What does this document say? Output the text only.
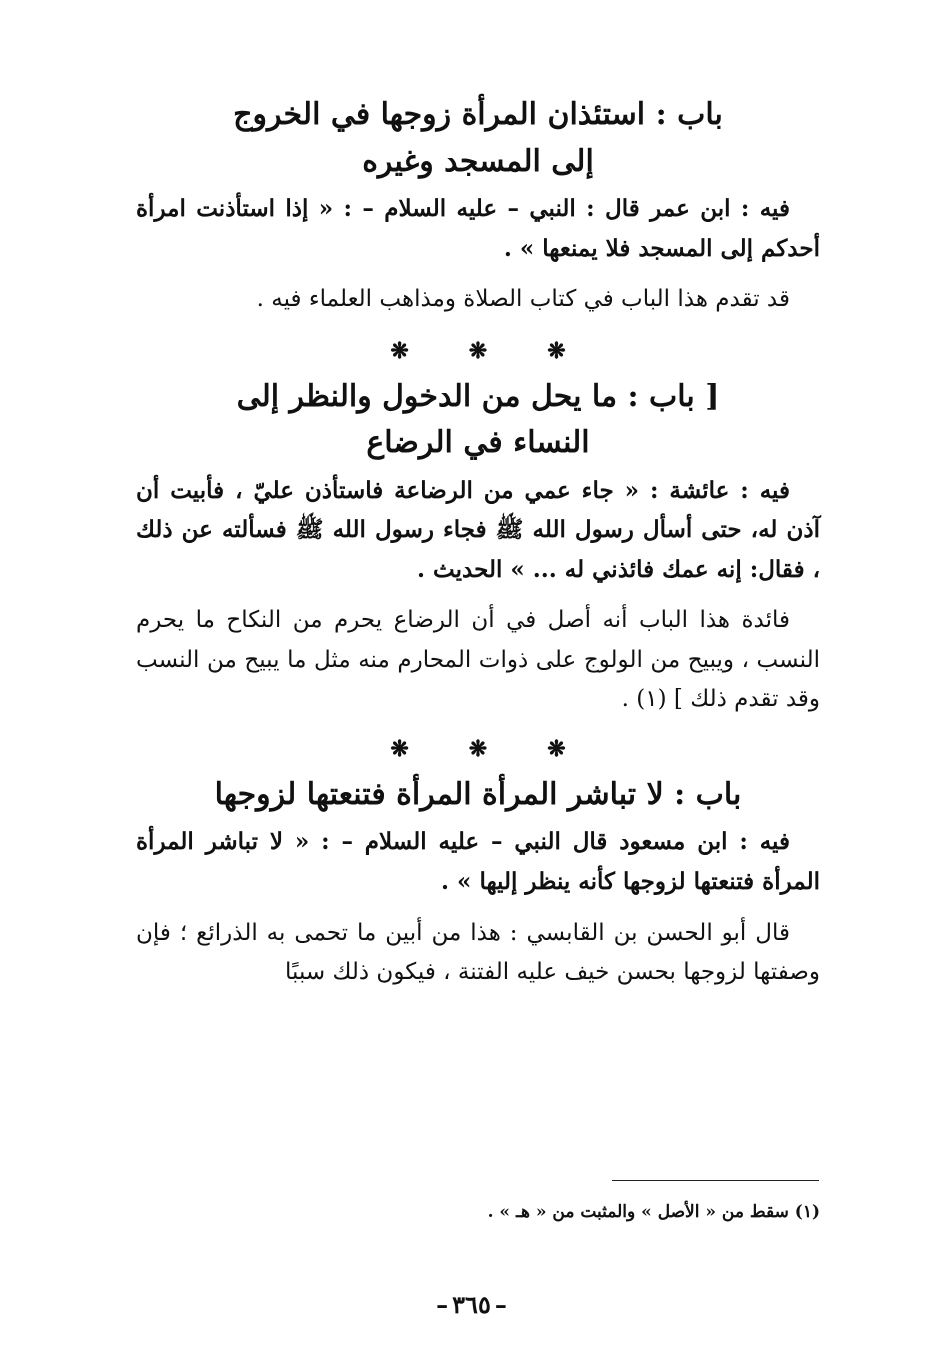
باب : استئذان المرأة زوجها في الخروج
إلى المسجد وغيره

فيه : ابن عمر قال : النبي – عليه السلام – : « إذا استأذنت امرأة أحدكم إلى المسجد فلا يمنعها » .

قد تقدم هذا الباب في كتاب الصلاة ومذاهب العلماء فيه .

❋	❋	❋
[ باب : ما يحل من الدخول والنظر إلى
النساء في الرضاع

فيه : عائشة : « جاء عمي من الرضاعة فاستأذن عليّ ، فأبيت أن آذن له، حتى أسأل رسول الله ﷺ فجاء رسول الله ﷺ فسألته عن ذلك ، فقال: إنه عمك فائذني له ... » الحديث .

فائدة هذا الباب أنه أصل في أن الرضاع يحرم من النكاح ما يحرم النسب ، ويبيح من الولوج على ذوات المحارم منه مثل ما يبيح من النسب وقد تقدم ذلك ] (١) .

❋	❋	❋
باب : لا تباشر المرأة المرأة فتنعتها لزوجها

فيه : ابن مسعود قال النبي – عليه السلام – : « لا تباشر المرأة المرأة فتنعتها لزوجها كأنه ينظر إليها » .

قال أبو الحسن بن القابسي : هذا من أبين ما تحمى به الذرائع ؛ فإن وصفتها لزوجها بحسن خيف عليه الفتنة ، فيكون ذلك سببًا

(١) سقط من « الأصل » والمثبت من « هـ » .
– ٣٦٥ –
